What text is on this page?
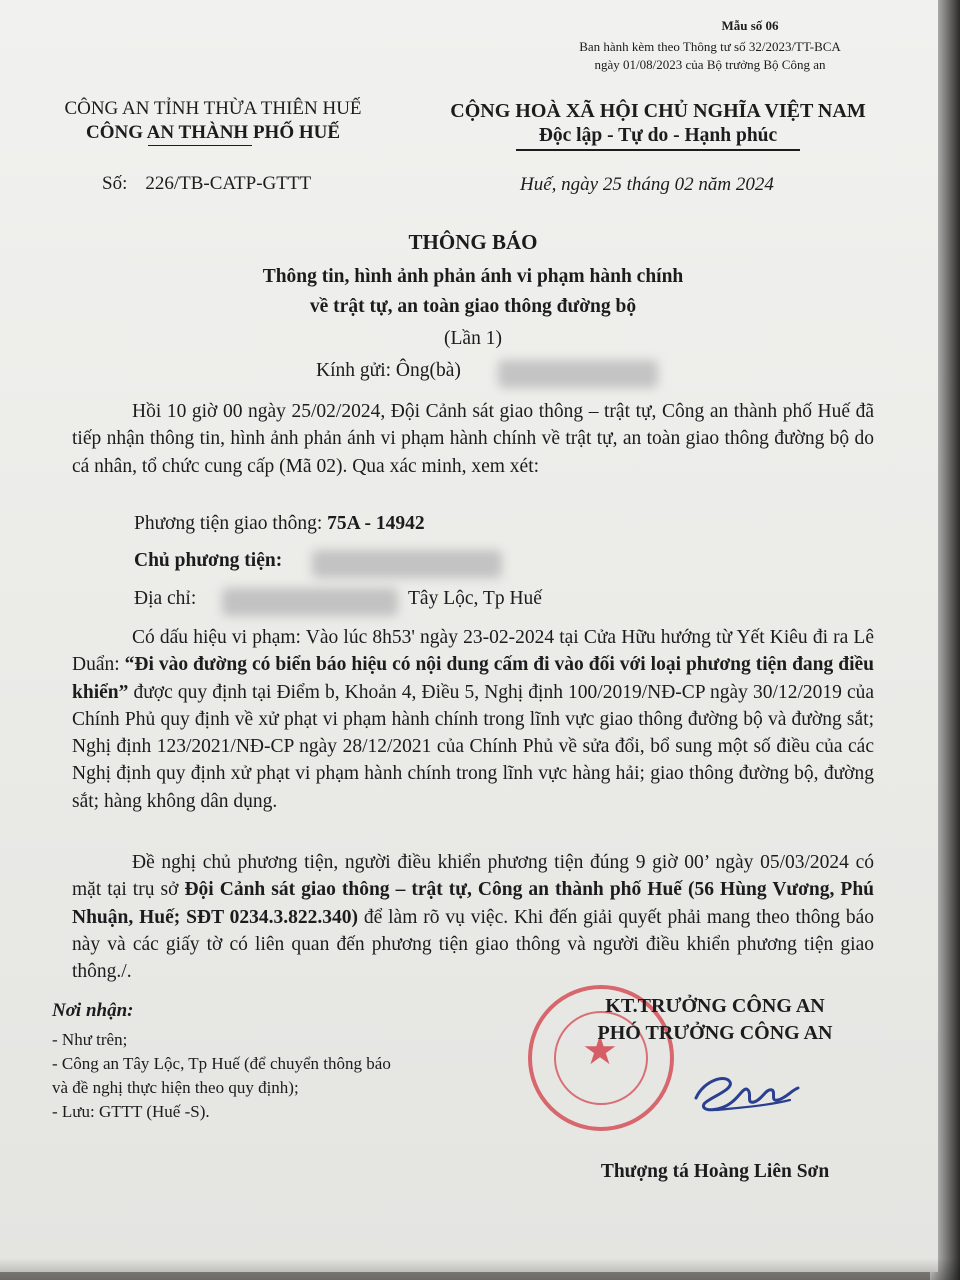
Mẫu số 06
Ban hành kèm theo Thông tư số 32/2023/TT-BCA
ngày 01/08/2023 của Bộ trưởng Bộ Công an
CÔNG AN TỈNH THỪA THIÊN HUẾ
CÔNG AN THÀNH PHỐ HUẾ
CỘNG HOÀ XÃ HỘI CHỦ NGHĨA VIỆT NAM
Độc lập - Tự do - Hạnh phúc
Số: 226/TB-CATP-GTTT	Huế, ngày 25 tháng 02 năm 2024
THÔNG BÁO
Thông tin, hình ảnh phản ánh vi phạm hành chính
về trật tự, an toàn giao thông đường bộ
(Lần 1)
Kính gửi: Ông(bà)

Hồi 10 giờ 00 ngày 25/02/2024, Đội Cảnh sát giao thông – trật tự, Công an thành phố Huế đã tiếp nhận thông tin, hình ảnh phản ánh vi phạm hành chính về trật tự, an toàn giao thông đường bộ do cá nhân, tổ chức cung cấp (Mã 02). Qua xác minh, xem xét:

Phương tiện giao thông: 75A - 14942
Chủ phương tiện:
Địa chỉ:	Tây Lộc, Tp Huế

Có dấu hiệu vi phạm: Vào lúc 8h53' ngày 23-02-2024 tại Cửa Hữu hướng từ Yết Kiêu đi ra Lê Duẩn: “Đi vào đường có biển báo hiệu có nội dung cấm đi vào đối với loại phương tiện đang điều khiển” được quy định tại Điểm b, Khoản 4, Điều 5, Nghị định 100/2019/NĐ-CP ngày 30/12/2019 của Chính Phủ quy định về xử phạt vi phạm hành chính trong lĩnh vực giao thông đường bộ và đường sắt; Nghị định 123/2021/NĐ-CP ngày 28/12/2021 của Chính Phủ về sửa đổi, bổ sung một số điều của các Nghị định quy định xử phạt vi phạm hành chính trong lĩnh vực hàng hải; giao thông đường bộ, đường sắt; hàng không dân dụng.

Đề nghị chủ phương tiện, người điều khiển phương tiện đúng 9 giờ 00’ ngày 05/03/2024 có mặt tại trụ sở Đội Cảnh sát giao thông – trật tự, Công an thành phố Huế (56 Hùng Vương, Phú Nhuận, Huế; SĐT 0234.3.822.340) để làm rõ vụ việc. Khi đến giải quyết phải mang theo thông báo này và các giấy tờ có liên quan đến phương tiện giao thông và người điều khiển phương tiện giao thông./.

Nơi nhận:
- Như trên;
- Công an Tây Lộc, Tp Huế (để chuyển thông báo
và đề nghị thực hiện theo quy định);
- Lưu: GTTT (Huế -S).
★
KT.TRƯỞNG CÔNG AN
PHÓ TRƯỞNG CÔNG AN
Thượng tá Hoàng Liên Sơn
